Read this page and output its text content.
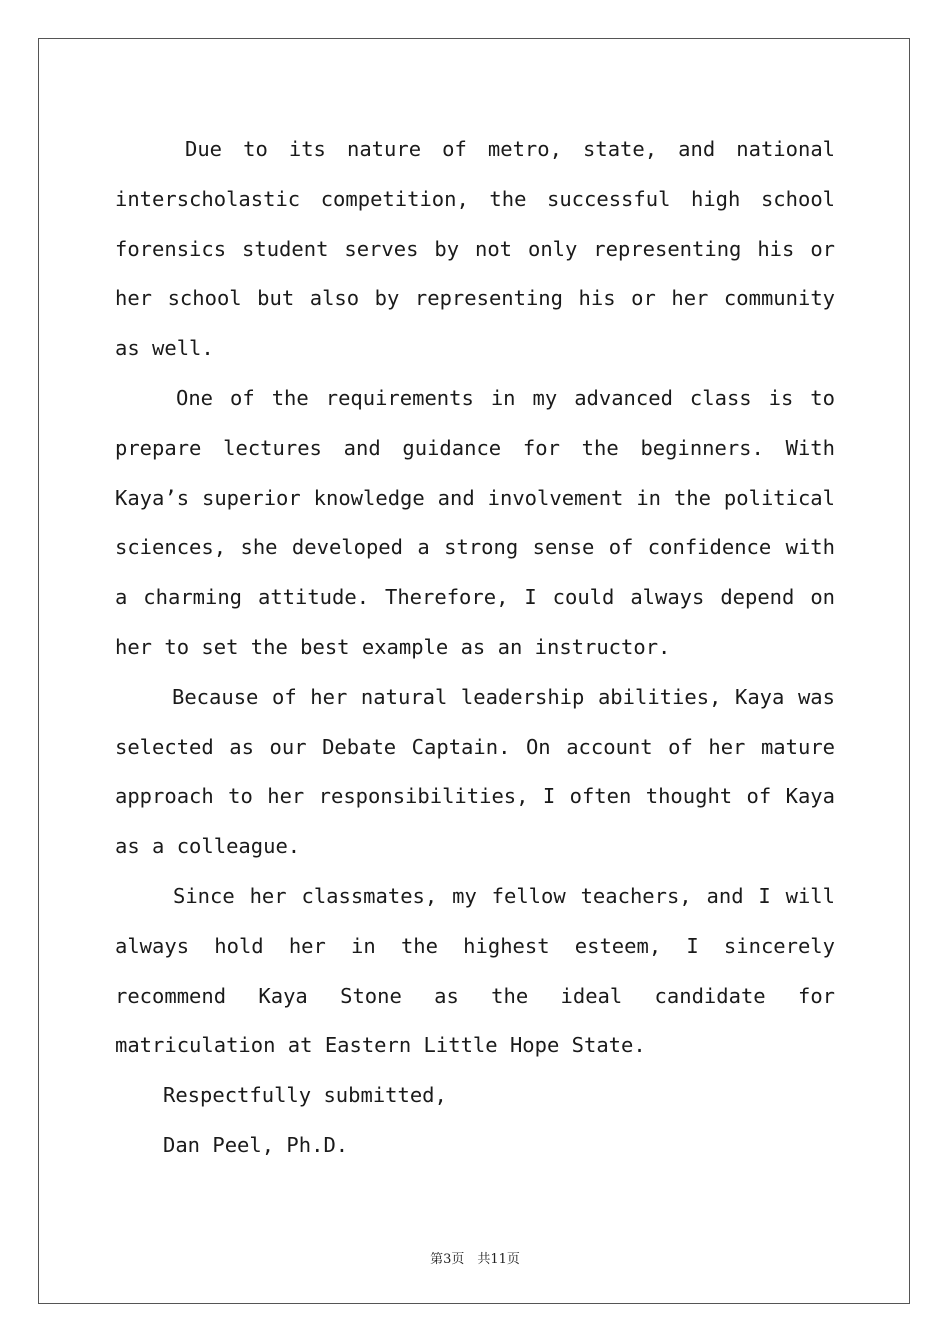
Due to its nature of metro, state, and national interscholastic competition, the successful high school forensics student serves by not only representing his or her school but also by representing his or her community as well.

One of the requirements in my advanced class is to prepare lectures and guidance for the beginners. With Kaya’s superior knowledge and involvement in the political sciences, she developed a strong sense of confidence with a charming attitude. Therefore, I could always depend on her to set the best example as an instructor.

Because of her natural leadership abilities, Kaya was selected as our Debate Captain. On account of her mature approach to her responsibilities, I often thought of Kaya as a colleague.

Since her classmates, my fellow teachers, and I will always hold her in the highest esteem, I sincerely recommend Kaya Stone as the ideal candidate for matriculation at Eastern Little Hope State.

Respectfully submitted,

Dan Peel, Ph.D.

第3页　共11页
